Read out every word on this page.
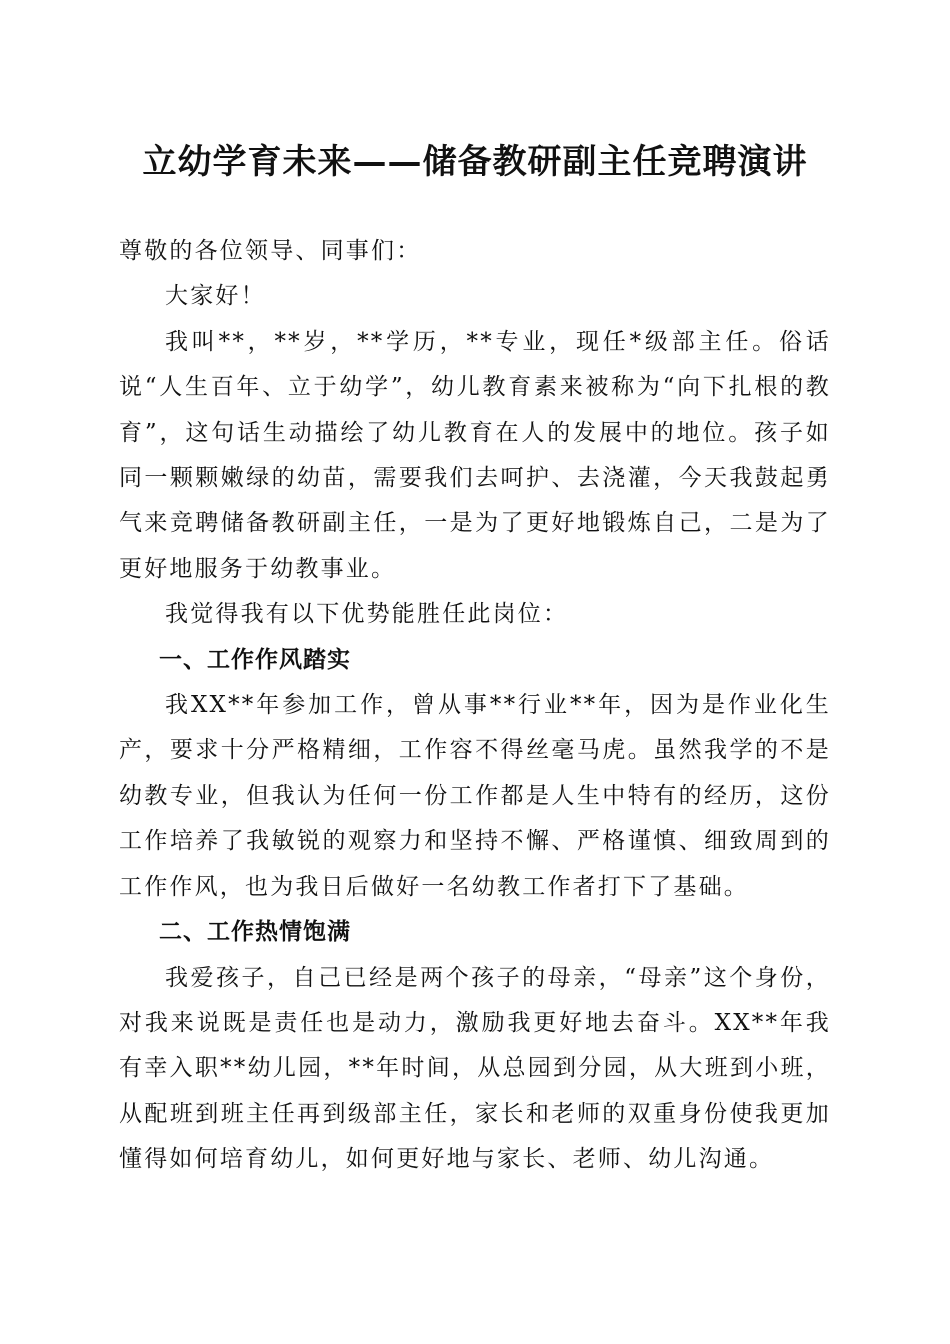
立幼学育未来——储备教研副主任竞聘演讲

尊敬的各位领导、同事们：

大家好！

我叫**，**岁，**学历，**专业，现任*级部主任。俗话说“人生百年、立于幼学”，幼儿教育素来被称为“向下扎根的教育”，这句话生动描绘了幼儿教育在人的发展中的地位。孩子如同一颗颗嫩绿的幼苗，需要我们去呵护、去浇灌，今天我鼓起勇气来竞聘储备教研副主任，一是为了更好地锻炼自己，二是为了更好地服务于幼教事业。

我觉得我有以下优势能胜任此岗位：

一、工作作风踏实

我XX**年参加工作，曾从事**行业**年，因为是作业化生产，要求十分严格精细，工作容不得丝毫马虎。虽然我学的不是幼教专业，但我认为任何一份工作都是人生中特有的经历，这份工作培养了我敏锐的观察力和坚持不懈、严格谨慎、细致周到的工作作风，也为我日后做好一名幼教工作者打下了基础。

二、工作热情饱满

我爱孩子，自己已经是两个孩子的母亲，“母亲”这个身份，对我来说既是责任也是动力，激励我更好地去奋斗。XX**年我有幸入职**幼儿园，**年时间，从总园到分园，从大班到小班，从配班到班主任再到级部主任，家长和老师的双重身份使我更加懂得如何培育幼儿，如何更好地与家长、老师、幼儿沟通。
